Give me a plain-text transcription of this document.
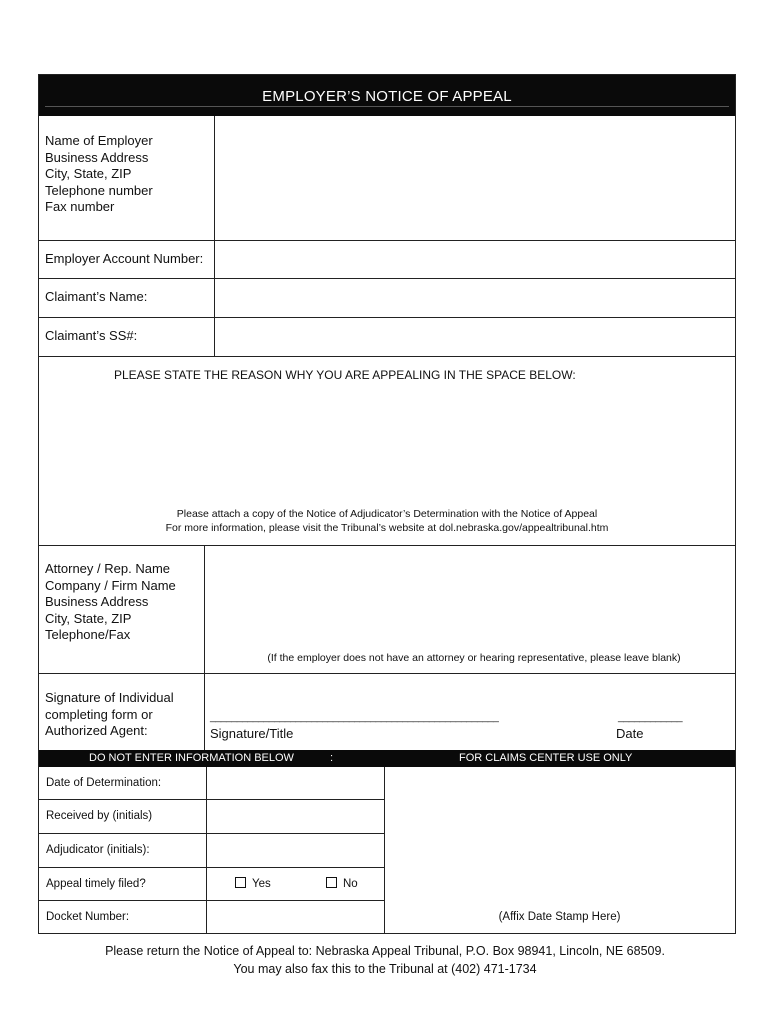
EMPLOYER’S NOTICE OF APPEAL
Name of Employer
Business Address
City, State, ZIP
Telephone number
Fax number
Employer Account Number:
Claimant’s Name:
Claimant’s SS#:
PLEASE STATE THE REASON WHY YOU ARE APPEALING IN THE SPACE BELOW:
Please attach a copy of the Notice of Adjudicator’s Determination with the Notice of Appeal
For more information, please visit the Tribunal’s website at dol.nebraska.gov/appealtribunal.htm
Attorney / Rep. Name
Company / Firm Name
Business Address
City, State, ZIP
Telephone/Fax
(If the employer does not have an attorney or hearing representative, please leave blank)
Signature of Individual
completing form or
Authorized Agent:
______________________________________________________
Signature/Title
____________
Date
DO NOT ENTER INFORMATION BELOW	:	FOR CLAIMS CENTER USE ONLY
Date of Determination:
Received by (initials)
Adjudicator (initials):
Appeal timely filed?	Yes	No
Docket Number:	(Affix Date Stamp Here)
Please return the Notice of Appeal to: Nebraska Appeal Tribunal, P.O. Box 98941, Lincoln, NE 68509.
You may also fax this to the Tribunal at (402) 471-1734
